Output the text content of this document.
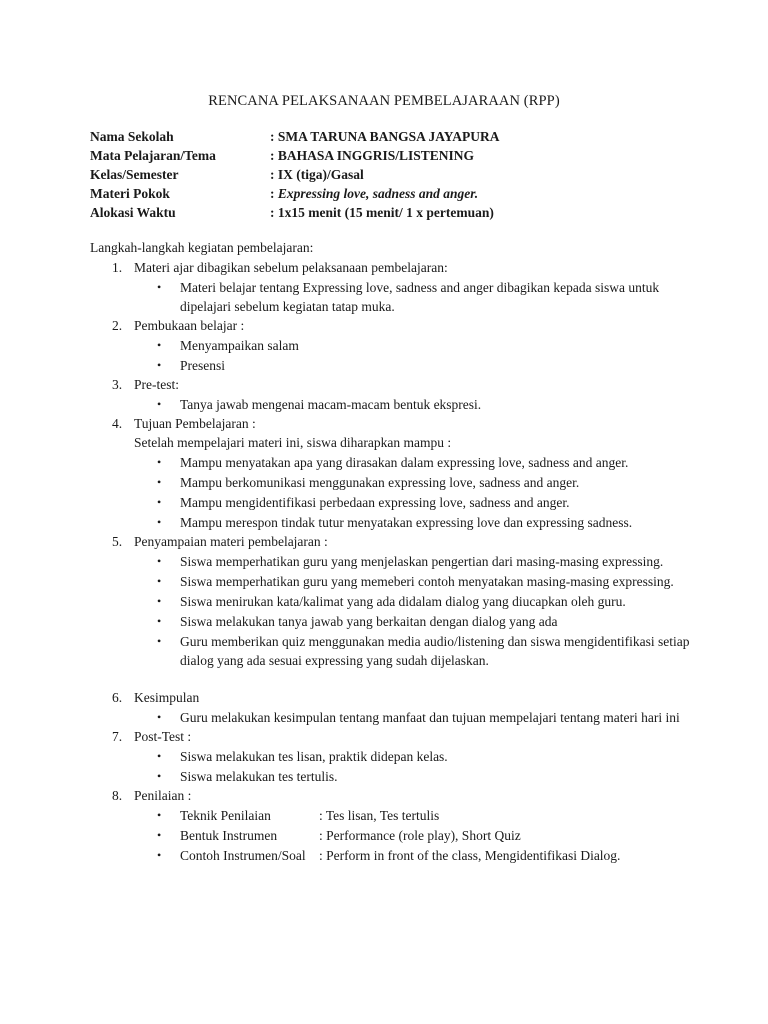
RENCANA PELAKSANAAN PEMBELAJARAAN (RPP)
Nama Sekolah	: SMA TARUNA BANGSA JAYAPURA
Mata Pelajaran/Tema	: BAHASA INGGRIS/LISTENING
Kelas/Semester	: IX (tiga)/Gasal
Materi Pokok	: Expressing love, sadness and anger.
Alokasi Waktu	: 1x15 menit (15 menit/ 1 x pertemuan)
Langkah-langkah kegiatan pembelajaran:
1. Materi ajar dibagikan sebelum pelaksanaan pembelajaran:
• Materi belajar tentang Expressing love, sadness and anger dibagikan kepada siswa untuk dipelajari sebelum kegiatan tatap muka.
2. Pembukaan belajar :
• Menyampaikan salam
• Presensi
3. Pre-test:
• Tanya jawab mengenai macam-macam bentuk ekspresi.
4. Tujuan Pembelajaran :
Setelah mempelajari materi ini, siswa diharapkan mampu :
• Mampu menyatakan apa yang dirasakan dalam expressing love, sadness and anger.
• Mampu berkomunikasi menggunakan expressing love, sadness and anger.
• Mampu mengidentifikasi perbedaan expressing love, sadness and anger.
• Mampu merespon tindak tutur menyatakan expressing love dan expressing sadness.
5. Penyampaian materi pembelajaran :
• Siswa memperhatikan guru yang menjelaskan pengertian dari masing-masing expressing.
• Siswa memperhatikan guru yang memeberi contoh menyatakan masing-masing expressing.
• Siswa menirukan kata/kalimat yang ada didalam dialog yang diucapkan oleh guru.
• Siswa melakukan tanya jawab yang berkaitan dengan dialog yang ada
• Guru memberikan quiz menggunakan media audio/listening dan siswa mengidentifikasi setiap dialog yang ada sesuai expressing yang sudah dijelaskan.
6. Kesimpulan
• Guru melakukan kesimpulan tentang manfaat dan tujuan mempelajari tentang materi hari ini
7. Post-Test :
• Siswa melakukan tes lisan, praktik didepan kelas.
• Siswa melakukan tes tertulis.
8. Penilaian :
• Teknik Penilaian	: Tes lisan, Tes tertulis
• Bentuk Instrumen	: Performance (role play), Short Quiz
• Contoh Instrumen/Soal : Perform in front of the class, Mengidentifikasi Dialog.
